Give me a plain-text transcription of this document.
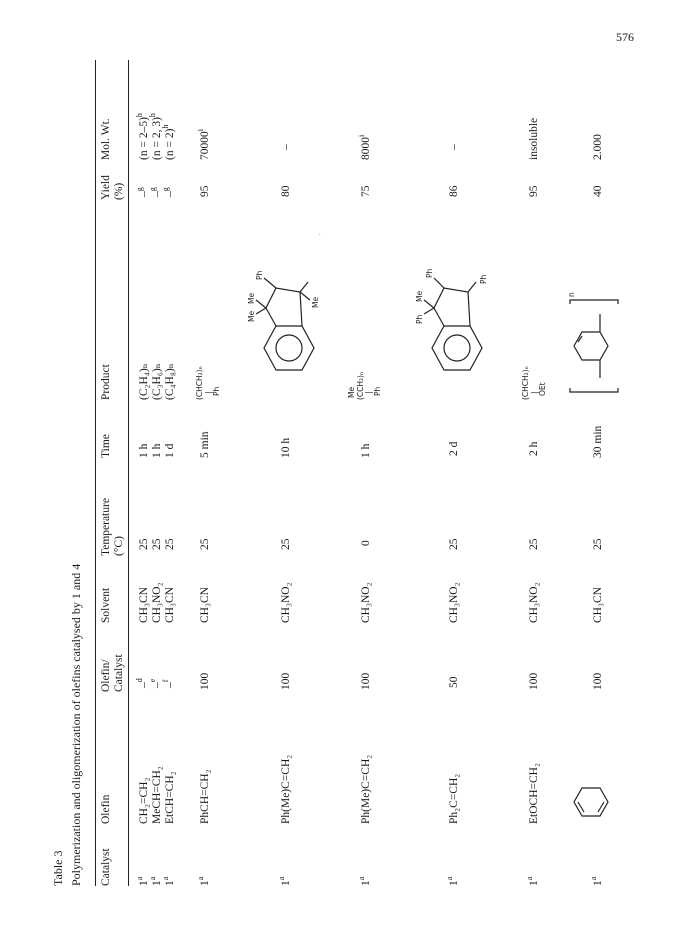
576
·
Table 3 Polymerization and oligomerization of olefins catalysed by 1 and 4 Catalyst
Olefin
Olefin/ Catalyst
Solvent
Temperature (°C)
Time
Product
Yield (%)
Mol. Wt.
1$^a$
1$^a$
1$^a$
CH₂=CH₂ MeCH=CH₂ EtCH=CH₂
–$^d$
–$^e$
–$^f$
CH₃CN CH₃NO₂ CH₃CN
25 25 25
1 h 1 h 1 d
(C₂H₄)ₙ (C₃H₆)ₙ (C₄H₈)ₙ
–$^g$
–$^g$
–$^g$
(n = 2–5)$^h$
(n = 2, 3)$^h$
(n = 2)$^h$
1$^a$
PhCH=CH₂
100
CH₃CN
25
5 min
(CHCH₂)ₙ | Ph
95
70000$^i$
1$^a$
Ph(Me)C=CH₂
100
CH₃NO₂
25
10 h
Me
Me	Me
Ph
80
–
1$^a$
Ph(Me)C=CH₂
100
CH₃NO₂
0
1 h
Me (CCH₂)ₙ | Ph
75
8000$^i$
1$^a$
Ph₂C=CH₂
50
CH₃NO₂
25
2 d
Ph
Me
Ph
Ph
86
–
1$^a$
EtOCH=CH₂
100
CH₃NO₂
25
2 h
(CHCH₂)ₙ | OEt
95
insoluble
1$^a$
100
CH₃CN
25
30 min
n
40
2.000
